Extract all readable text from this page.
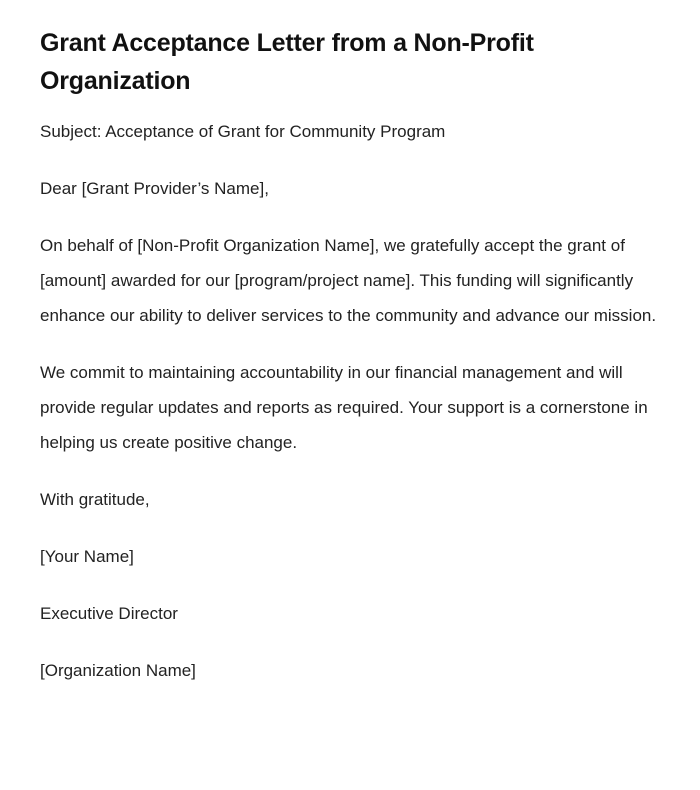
Grant Acceptance Letter from a Non-Profit Organization

Subject: Acceptance of Grant for Community Program

Dear [Grant Provider’s Name],

On behalf of [Non-Profit Organization Name], we gratefully accept the grant of [amount] awarded for our [program/project name]. This funding will significantly enhance our ability to deliver services to the community and advance our mission.

We commit to maintaining accountability in our financial management and will provide regular updates and reports as required. Your support is a cornerstone in helping us create positive change.

With gratitude,

[Your Name]

Executive Director

[Organization Name]
